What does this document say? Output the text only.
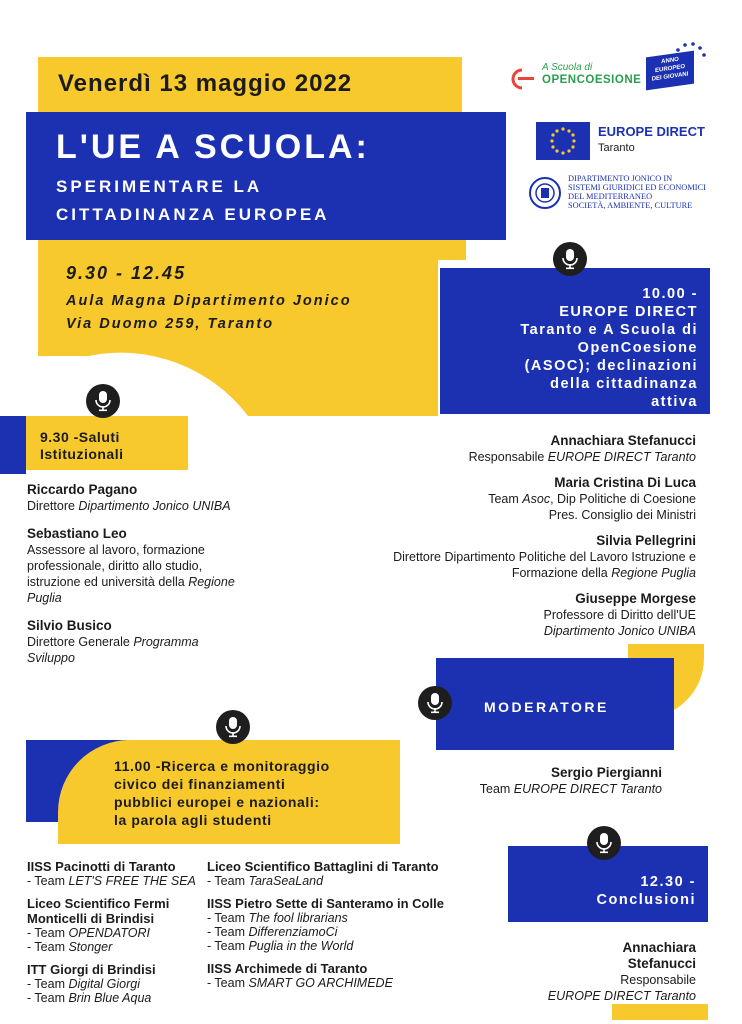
Venerdì 13 maggio 2022
L'UE A SCUOLA:
SPERIMENTARE LA
CITTADINANZA EUROPEA
9.30 - 12.45
Aula Magna Dipartimento Jonico
Via Duomo 259, Taranto
A Scuola di
OPENCOESIONE
ANNO
EUROPEO
DEI GIOVANI
EUROPE DIRECT
Taranto
DIPARTIMENTO JONICO IN
SISTEMI GIURIDICI ED ECONOMICI
DEL MEDITERRANEO
SOCIETÀ, AMBIENTE, CULTURE
10.00 -
EUROPE DIRECT
Taranto e A Scuola di
OpenCoesione
(ASOC); declinazioni
della cittadinanza
attiva
Annachiara Stefanucci
Responsabile EUROPE DIRECT Taranto
Maria Cristina Di Luca
Team Asoc, Dip Politiche di Coesione
Pres. Consiglio dei Ministri
Silvia Pellegrini
Direttore Dipartimento Politiche del Lavoro Istruzione e
Formazione della Regione Puglia
Giuseppe Morgese
Professore di Diritto dell'UE
Dipartimento Jonico UNIBA
9.30 -Saluti
Istituzionali
Riccardo Pagano
Direttore Dipartimento Jonico UNIBA
Sebastiano Leo
Assessore al lavoro, formazione
professionale, diritto allo studio,
istruzione ed università della Regione
Puglia
Silvio Busico
Direttore Generale Programma
Sviluppo
MODERATORE
Sergio Piergianni
Team EUROPE DIRECT Taranto
11.00 -Ricerca e monitoraggio
civico dei finanziamenti
pubblici europei e nazionali:
la parola agli studenti
IISS Pacinotti di Taranto
- Team LET'S FREE THE SEA
Liceo Scientifico Fermi
Monticelli di Brindisi
- Team OPENDATORI
- Team Stonger
ITT Giorgi di Brindisi
- Team Digital Giorgi
- Team Brin Blue Aqua
Liceo Scientifico Battaglini di Taranto
- Team TaraSeaLand
IISS Pietro Sette di Santeramo in Colle
- Team The fool librarians
- Team DifferenziamoCi
- Team Puglia in the World
IISS Archimede di Taranto
- Team SMART GO ARCHIMEDE
12.30 -
Conclusioni
Annachiara
Stefanucci
Responsabile
EUROPE DIRECT Taranto
